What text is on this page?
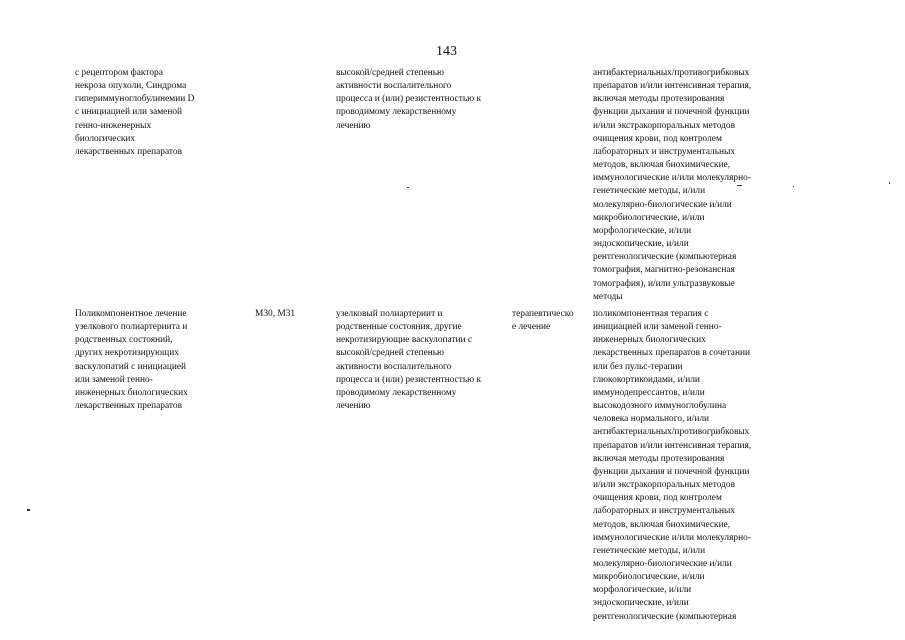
143
с рецептором фактора
некроза опухоли, Синдрома
гипериммуноглобулинемии D
с инициацией или заменой
генно-инженерных
биологических
лекарственных препаратов
высокой/средней степенью
активности воспалительного
процесса и (или) резистентностью к
проводимому лекарственному
лечению
антибактериальных/противогрибковых
препаратов и/или интенсивная терапия,
включая методы протезирования
функции дыхания и почечной функции
и/или экстракорпоральных методов
очищения крови, под контролем
лабораторных и инструментальных
методов, включая биохимические,
иммунологические и/или молекулярно-
генетические методы, и/или
молекулярно-биологические и/или
микробиологические, и/или
морфологические, и/или
эндоскопические, и/или
рентгенологические (компьютерная
томография, магнитно-резонансная
томография), и/или ультразвуковые
методы
Поликомпонентное лечение
узелкового полиартериита и
родственных состояний,
других некротизирующих
васкулопатий с инициацией
или заменой генно-
инженерных биологических
лекарственных препаратов
М30, М31	узелковый полиартериит и
родственные состояния, другие
некротизирующие васкулопатии с
высокой/средней степенью
активности воспалительного
процесса и (или) резистентностью к
проводимому лекарственному
лечению
терапевтическо
е лечение
поликомпонентная терапия с
инициацией или заменой генно-
инженерных биологических
лекарственных препаратов в сочетании
или без пульс-терапии
глюкокортикоидами, и/или
иммунодепрессантов, и/или
высокодозного иммуноглобулина
человека нормального, и/или
антибактериальных/противогрибковых
препаратов и/или интенсивная терапия,
включая методы протезирования
функции дыхания и почечной функции
и/или экстракорпоральных методов
очищения крови, под контролем
лабораторных и инструментальных
методов, включая биохимические,
иммунологические и/или молекулярно-
генетические методы, и/или
молекулярно-биологические и/или
микробиологические, и/или
морфологические, и/или
эндоскопические, и/или
рентгенологические (компьютерная
